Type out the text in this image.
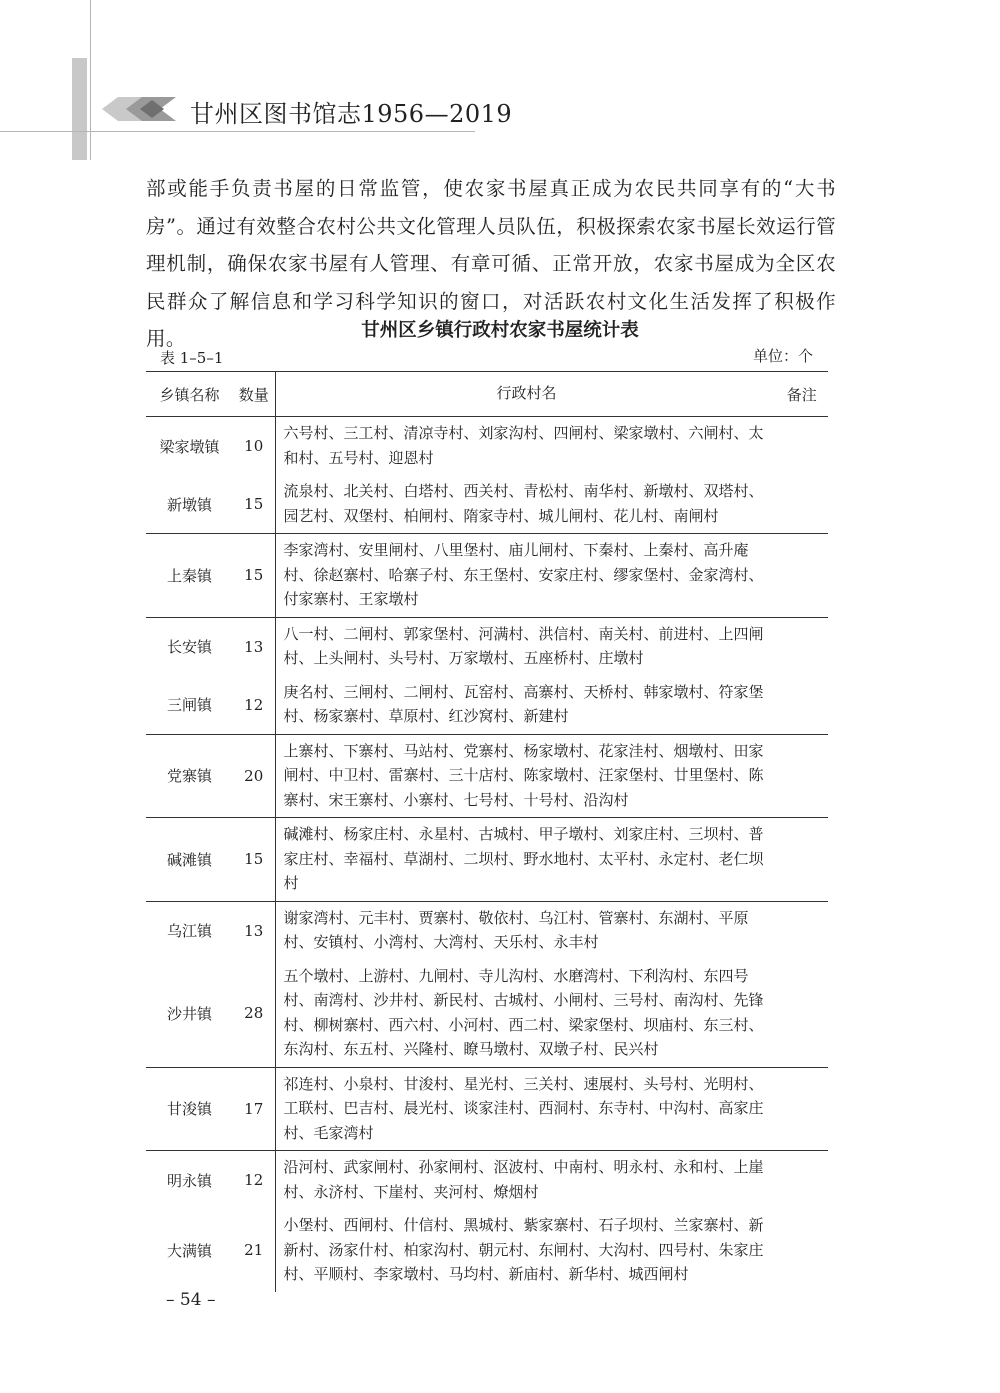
甘州区图书馆志1956—2019
部或能手负责书屋的日常监管，使农家书屋真正成为农民共同享有的“大书房”。通过有效整合农村公共文化管理人员队伍，积极探索农家书屋长效运行管理机制，确保农家书屋有人管理、有章可循、正常开放，农家书屋成为全区农民群众了解信息和学习科学知识的窗口，对活跃农村文化生活发挥了积极作用。	甘州区乡镇行政村农家书屋统计表
表 1–5–1	单位：个
乡镇名称	数量	行政村名	备注
梁家墩镇	10	六号村、三工村、清凉寺村、刘家沟村、四闸村、梁家墩村、六闸村、太和村、五号村、迎恩村	
新墩镇	15	流泉村、北关村、白塔村、西关村、青松村、南华村、新墩村、双塔村、园艺村、双堡村、柏闸村、隋家寺村、城儿闸村、花儿村、南闸村	
上秦镇	15	李家湾村、安里闸村、八里堡村、庙儿闸村、下秦村、上秦村、高升庵村、徐赵寨村、哈寨子村、东王堡村、安家庄村、缪家堡村、金家湾村、付家寨村、王家墩村	
长安镇	13	八一村、二闸村、郭家堡村、河满村、洪信村、南关村、前进村、上四闸村、上头闸村、头号村、万家墩村、五座桥村、庄墩村	
三闸镇	12	庚名村、三闸村、二闸村、瓦窑村、高寨村、天桥村、韩家墩村、符家堡村、杨家寨村、草原村、红沙窝村、新建村	
党寨镇	20	上寨村、下寨村、马站村、党寨村、杨家墩村、花家洼村、烟墩村、田家闸村、中卫村、雷寨村、三十店村、陈家墩村、汪家堡村、廿里堡村、陈寨村、宋王寨村、小寨村、七号村、十号村、沿沟村	
碱滩镇	15	碱滩村、杨家庄村、永星村、古城村、甲子墩村、刘家庄村、三坝村、普家庄村、幸福村、草湖村、二坝村、野水地村、太平村、永定村、老仁坝村	
乌江镇	13	谢家湾村、元丰村、贾寨村、敬依村、乌江村、管寨村、东湖村、平原村、安镇村、小湾村、大湾村、天乐村、永丰村	
沙井镇	28	五个墩村、上游村、九闸村、寺儿沟村、水磨湾村、下利沟村、东四号村、南湾村、沙井村、新民村、古城村、小闸村、三号村、南沟村、先锋村、柳树寨村、西六村、小河村、西二村、梁家堡村、坝庙村、东三村、东沟村、东五村、兴隆村、瞭马墩村、双墩子村、民兴村	
甘浚镇	17	祁连村、小泉村、甘浚村、星光村、三关村、速展村、头号村、光明村、工联村、巴吉村、晨光村、谈家洼村、西洞村、东寺村、中沟村、高家庄村、毛家湾村	
明永镇	12	沿河村、武家闸村、孙家闸村、沤波村、中南村、明永村、永和村、上崖村、永济村、下崖村、夹河村、燎烟村	
大满镇	21	小堡村、西闸村、什信村、黑城村、紫家寨村、石子坝村、兰家寨村、新新村、汤家什村、柏家沟村、朝元村、东闸村、大沟村、四号村、朱家庄村、平顺村、李家墩村、马均村、新庙村、新华村、城西闸村	
– 54 –
